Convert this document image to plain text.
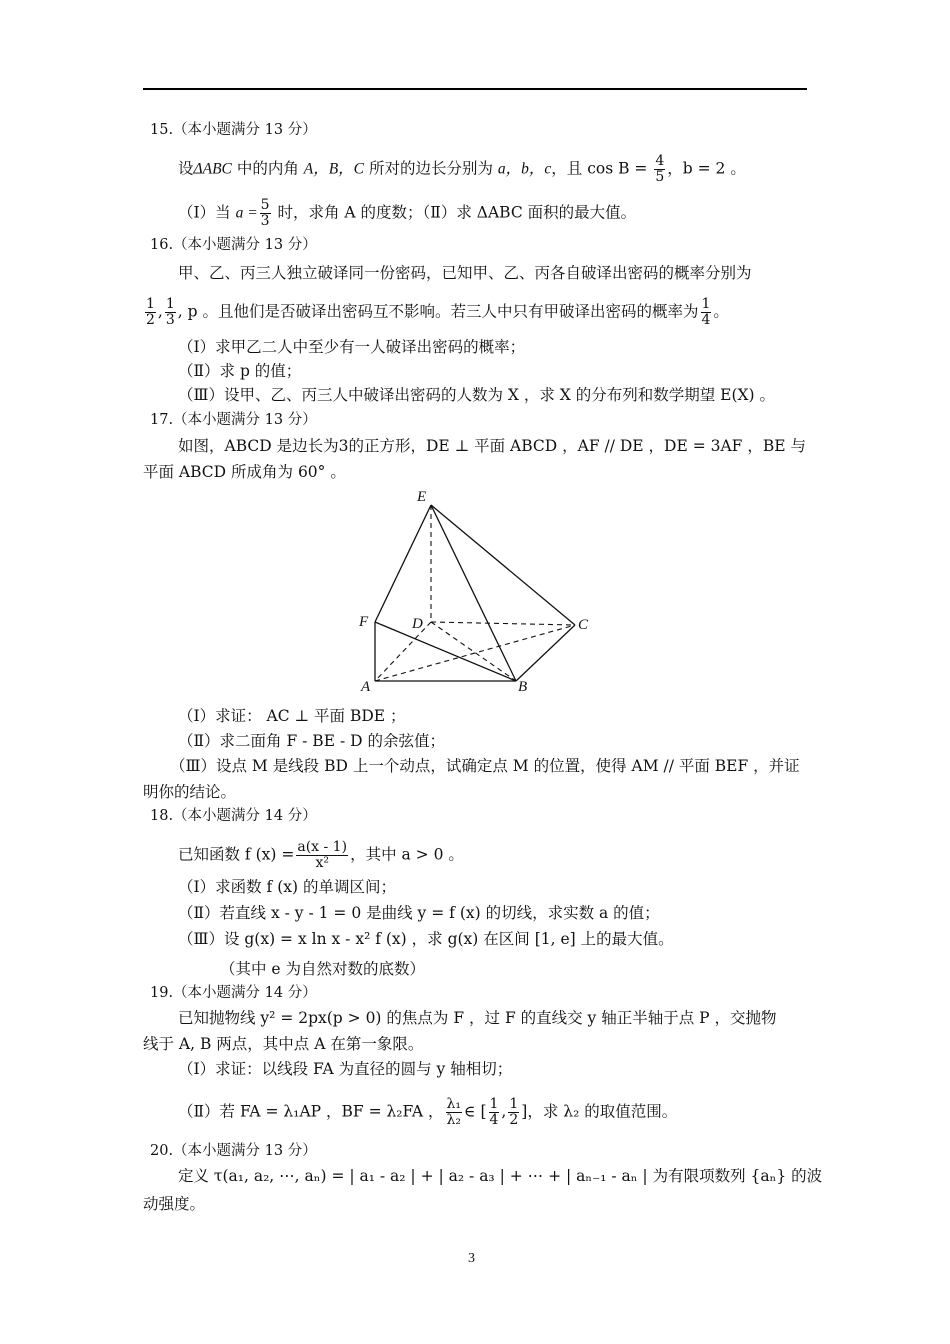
15.（本小题满分 13 分）
设ΔABC 中的内角 A，B，C 所对的边长分别为 a，b，c，且 $\cos B = \frac{4}{5}$ ，b = 2 。
（Ⅰ）当 $a = \frac{5}{3}$ 时，求角 A 的度数；（Ⅱ）求 ΔABC 面积的最大值。
16.（本小题满分 13 分）
甲、乙、丙三人独立破译同一份密码，已知甲、乙、丙各自破译出密码的概率分别为
$\frac{1}{2}$ , $\frac{1}{3}$ , p 。且他们是否破译出密码互不影响。若三人中只有甲破译出密码的概率为 $\frac{1}{4}$ 。
（Ⅰ）求甲乙二人中至少有一人破译出密码的概率；
（Ⅱ）求 p 的值；
（Ⅲ）设甲、乙、丙三人中破译出密码的人数为 X ，求 X 的分布列和数学期望 E(X) 。
17.（本小题满分 13 分）
如图，ABCD 是边长为3的正方形，DE ⊥ 平面 ABCD ，AF // DE ，DE = 3AF ，BE 与
平面 ABCD 所成角为 60° 。
E
F	D	C
A	B
（Ⅰ）求证： AC ⊥ 平面 BDE ；
（Ⅱ）求二面角 F - BE - D 的余弦值；
（Ⅲ）设点 M 是线段 BD 上一个动点，试确定点 M 的位置，使得 AM // 平面 BEF ，并证
明你的结论。
18.（本小题满分 14 分）
已知函数 f $(x) = \frac{a(x - 1)}{\text{x²}}$ ，其中 a > 0 。
（Ⅰ）求函数 f (x) 的单调区间；
（Ⅱ）若直线 x - y - 1 = 0 是曲线 y = f (x) 的切线，求实数 a 的值；
（Ⅲ）设 g(x) = x ln x - x² f (x) ，求 g(x) 在区间 [1, e] 上的最大值。
（其中 e 为自然对数的底数）
19.（本小题满分 14 分）
已知抛物线 y² = 2px(p > 0) 的焦点为 F ，过 F 的直线交 y 轴正半轴于点 P ，交抛物
线于 A, B 两点，其中点 A 在第一象限。
（Ⅰ）求证：以线段 FA 为直径的圆与 y 轴相切；
（Ⅱ）若 FA = λ₁AP ，BF = λ₂FA ， $\frac{\text{λ₁}}{\text{λ₂}}$ ∈ [ $\frac{1}{4}$ , $\frac{1}{2}$ ]，求 λ₂ 的取值范围。
20.（本小题满分 13 分）
定义 τ(a₁, a₂, ⋯, aₙ) = | a₁ - a₂ | + | a₂ - a₃ | + ⋯ + | aₙ₋₁ - aₙ | 为有限项数列 {aₙ} 的波
动强度。
3
